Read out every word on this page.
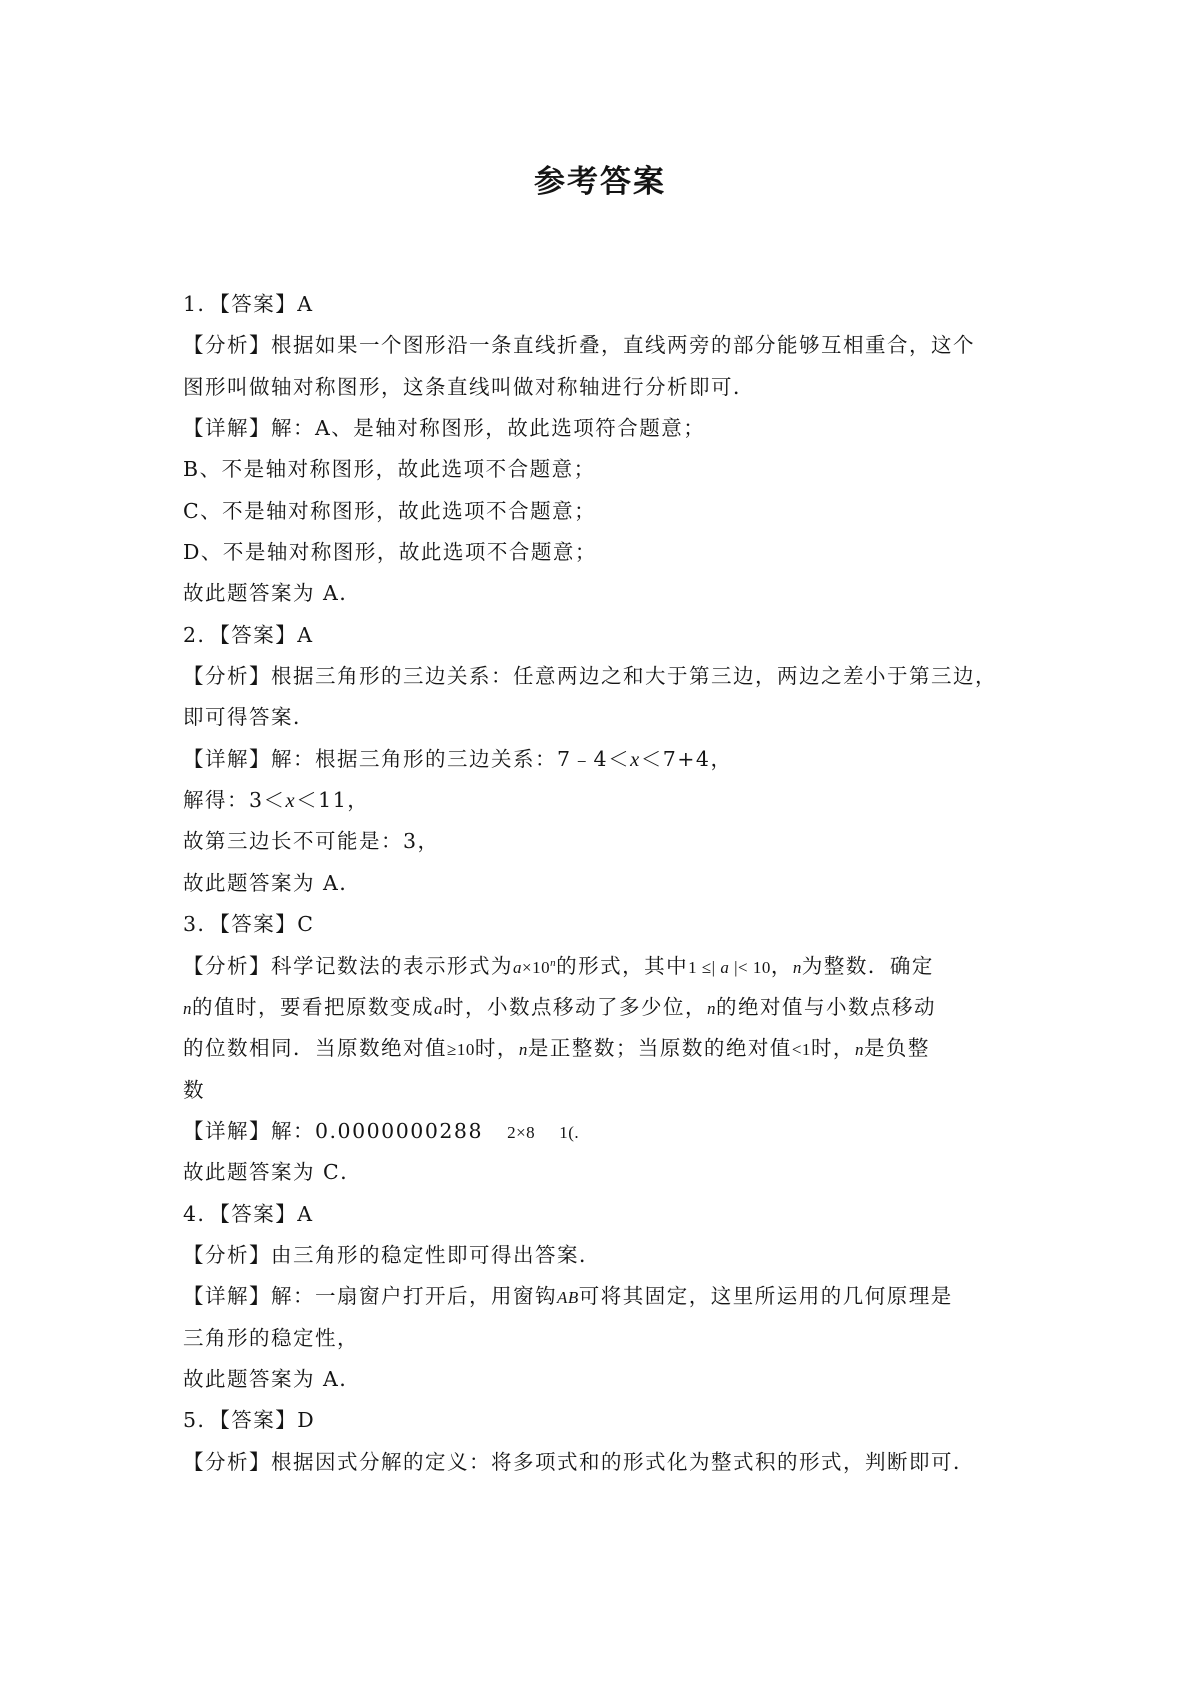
参考答案
1．【答案】A
【分析】根据如果一个图形沿一条直线折叠，直线两旁的部分能够互相重合，这个
图形叫做轴对称图形，这条直线叫做对称轴进行分析即可．
【详解】解：A、是轴对称图形，故此选项符合题意；
B、不是轴对称图形，故此选项不合题意；
C、不是轴对称图形，故此选项不合题意；
D、不是轴对称图形，故此选项不合题意；
故此题答案为 A．
2．【答案】A
【分析】根据三角形的三边关系：任意两边之和大于第三边，两边之差小于第三边，
即可得答案．
【详解】解：根据三角形的三边关系：7﹣4＜x＜7+4，
解得：3＜x＜11，
故第三边长不可能是：3，
故此题答案为 A．
3．【答案】C
【分析】科学记数法的表示形式为$a\times 10^n$的形式，其中1 ≤| a |< 10，n为整数．确定
n的值时，要看把原数变成a时，小数点移动了多少位，n的绝对值与小数点移动
的位数相同．当原数绝对值≥10时，n是正整数；当原数的绝对值<1时，n是负整
数
【详解】解：0.0000000288 2×8 1(.
故此题答案为 C．
4．【答案】A
【分析】由三角形的稳定性即可得出答案．
【详解】解：一扇窗户打开后，用窗钩AB可将其固定，这里所运用的几何原理是
三角形的稳定性，
故此题答案为 A．
5．【答案】D
【分析】根据因式分解的定义：将多项式和的形式化为整式积的形式，判断即可．
